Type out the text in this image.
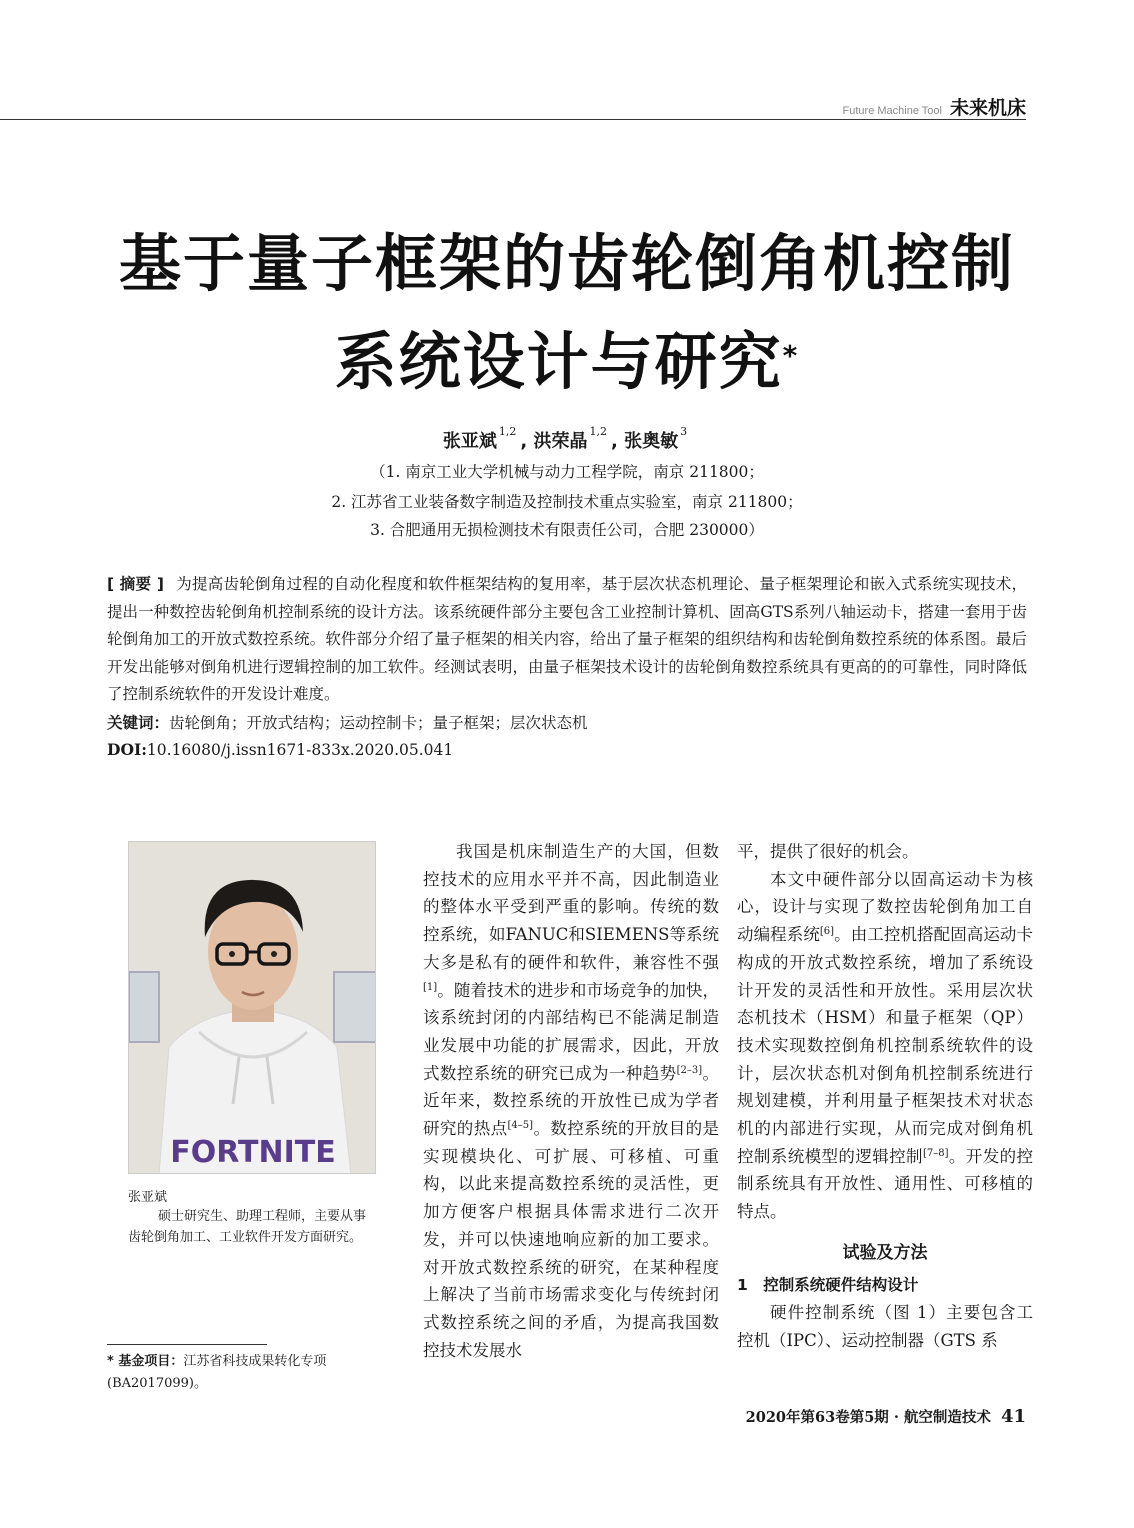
Future Machine Tool 未来机床
基于量子框架的齿轮倒角机控制
系统设计与研究*
张亚斌 $^{1,2}$ , 洪荣晶 $^{1,2}$ , 张奥敏 $^3$
（1. 南京工业大学机械与动力工程学院，南京 211800；
2. 江苏省工业装备数字制造及控制技术重点实验室，南京 211800；
3. 合肥通用无损检测技术有限责任公司，合肥 230000）
[ 摘要 ] 为提高齿轮倒角过程的自动化程度和软件框架结构的复用率，基于层次状态机理论、量子框架理论和嵌入式系统实现技术，提出一种数控齿轮倒角机控制系统的设计方法。该系统硬件部分主要包含工业控制计算机、固高GTS系列八轴运动卡，搭建一套用于齿轮倒角加工的开放式数控系统。软件部分介绍了量子框架的相关内容，给出了量子框架的组织结构和齿轮倒角数控系统的体系图。最后开发出能够对倒角机进行逻辑控制的加工软件。经测试表明，由量子框架技术设计的齿轮倒角数控系统具有更高的的可靠性，同时降低了控制系统软件的开发设计难度。
关键词：齿轮倒角；开放式结构；运动控制卡；量子框架；层次状态机
DOI:10.16080/j.issn1671-833x.2020.05.041
FORTNITE
张亚斌
硕士研究生、助理工程师，主要从事齿轮倒角加工、工业软件开发方面研究。
* 基金项目：江苏省科技成果转化专项(BA2017099)。

我国是机床制造生产的大国，但数控技术的应用水平并不高，因此制造业的整体水平受到严重的影响。传统的数控系统，如FANUC和SIEMENS等系统大多是私有的硬件和软件，兼容性不强[1]。随着技术的进步和市场竞争的加快，该系统封闭的内部结构已不能满足制造业发展中功能的扩展需求，因此，开放式数控系统的研究已成为一种趋势[2–3]。近年来，数控系统的开放性已成为学者研究的热点[4–5]。数控系统的开放目的是实现模块化、可扩展、可移植、可重构，以此来提高数控系统的灵活性，更加方便客户根据具体需求进行二次开发，并可以快速地响应新的加工要求。对开放式数控系统的研究，在某种程度上解决了当前市场需求变化与传统封闭式数控系统之间的矛盾，为提高我国数控技术发展水

平，提供了很好的机会。

本文中硬件部分以固高运动卡为核心，设计与实现了数控齿轮倒角加工自动编程系统[6]。由工控机搭配固高运动卡构成的开放式数控系统，增加了系统设计开发的灵活性和开放性。采用层次状态机技术（HSM）和量子框架（QP）技术实现数控倒角机控制系统软件的设计，层次状态机对倒角机控制系统进行规划建模，并利用量子框架技术对状态机的内部进行实现，从而完成对倒角机控制系统模型的逻辑控制[7–8]。开发的控制系统具有开放性、通用性、可移植的特点。

试验及方法
1　控制系统硬件结构设计

硬件控制系统（图 1）主要包含工控机（IPC）、运动控制器（GTS 系

2020年第63卷第5期 · 航空制造技术 41
